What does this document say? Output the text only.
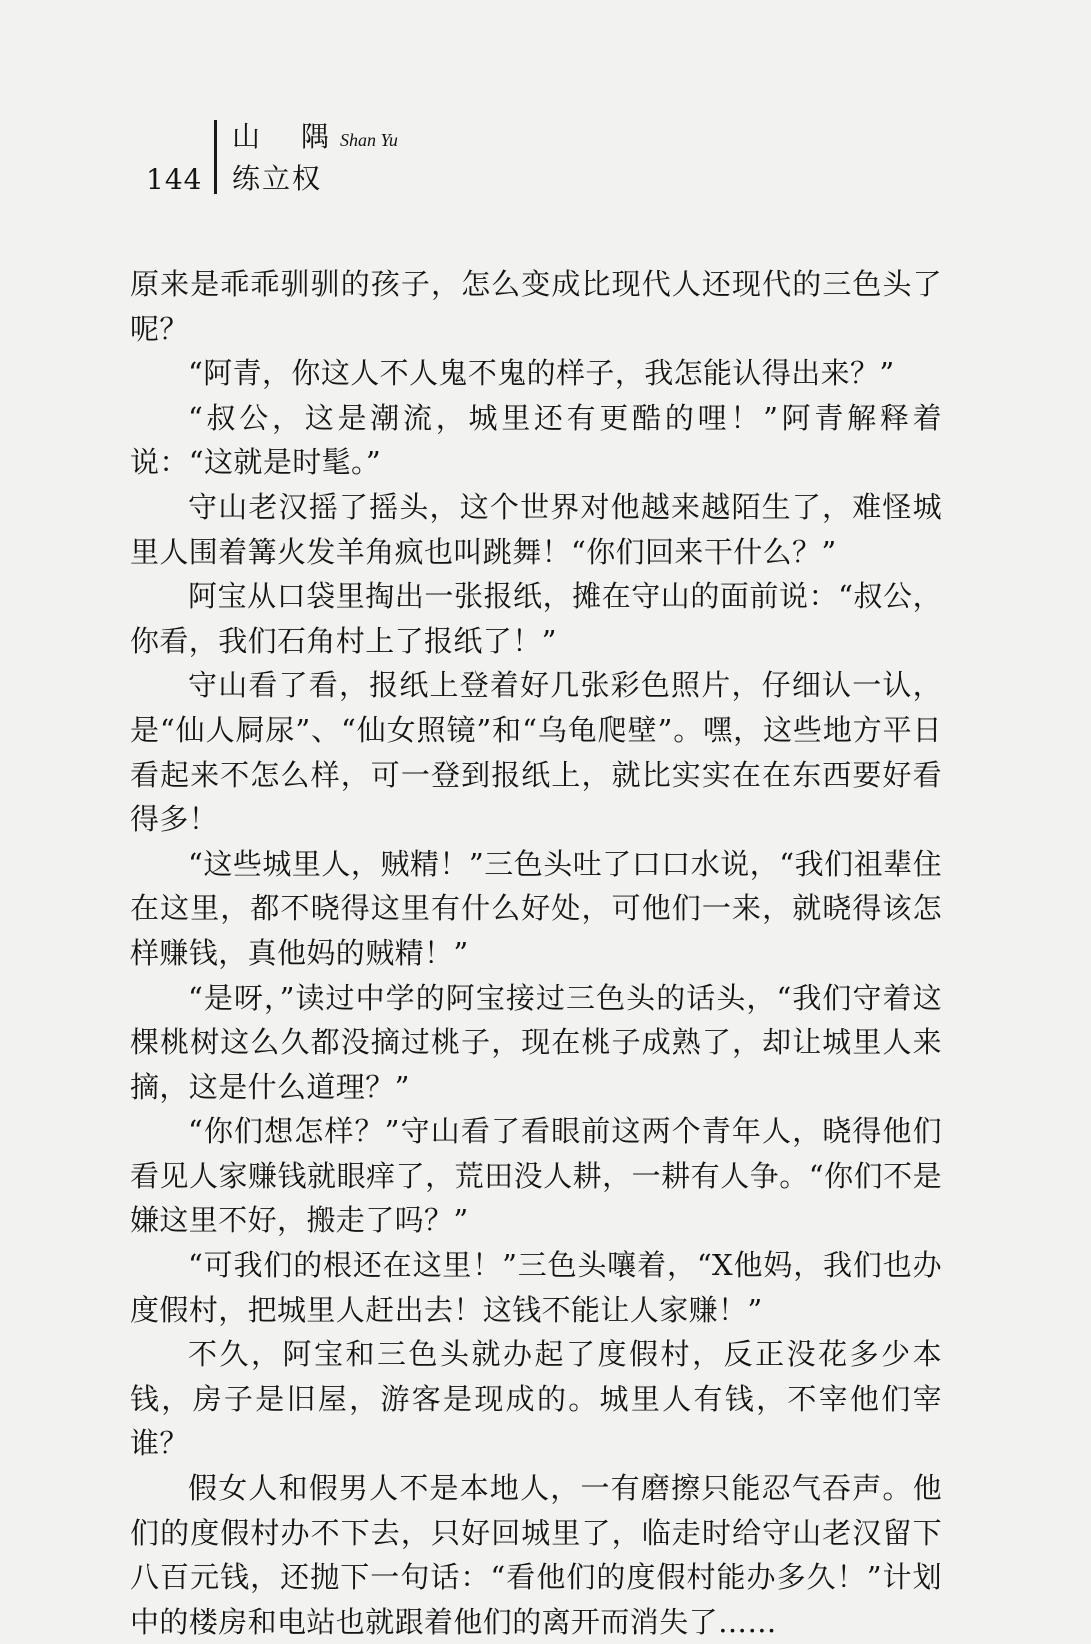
144
山 隅
Shan Yu
练立权

原来是乖乖驯驯的孩子，怎么变成比现代人还现代的三色头了呢？

“阿青，你这人不人鬼不鬼的样子，我怎能认得出来？”

“叔公，这是潮流，城里还有更酷的哩！”阿青解释着说：“这就是时髦。”

守山老汉摇了摇头，这个世界对他越来越陌生了，难怪城里人围着篝火发羊角疯也叫跳舞！“你们回来干什么？”

阿宝从口袋里掏出一张报纸，摊在守山的面前说：“叔公，你看，我们石角村上了报纸了！”

守山看了看，报纸上登着好几张彩色照片，仔细认一认，是“仙人屙尿”、“仙女照镜”和“乌龟爬壁”。嘿，这些地方平日看起来不怎么样，可一登到报纸上，就比实实在在东西要好看得多！

“这些城里人，贼精！”三色头吐了口口水说，“我们祖辈住在这里，都不晓得这里有什么好处，可他们一来，就晓得该怎样赚钱，真他妈的贼精！”

“是呀，”读过中学的阿宝接过三色头的话头，“我们守着这棵桃树这么久都没摘过桃子，现在桃子成熟了，却让城里人来摘，这是什么道理？”

“你们想怎样？”守山看了看眼前这两个青年人，晓得他们看见人家赚钱就眼痒了，荒田没人耕，一耕有人争。“你们不是嫌这里不好，搬走了吗？”

“可我们的根还在这里！”三色头嚷着，“X他妈，我们也办度假村，把城里人赶出去！这钱不能让人家赚！”

不久，阿宝和三色头就办起了度假村，反正没花多少本钱，房子是旧屋，游客是现成的。城里人有钱，不宰他们宰谁？

假女人和假男人不是本地人，一有磨擦只能忍气吞声。他们的度假村办不下去，只好回城里了，临走时给守山老汉留下八百元钱，还抛下一句话：“看他们的度假村能办多久！”计划中的楼房和电站也就跟着他们的离开而消失了……
